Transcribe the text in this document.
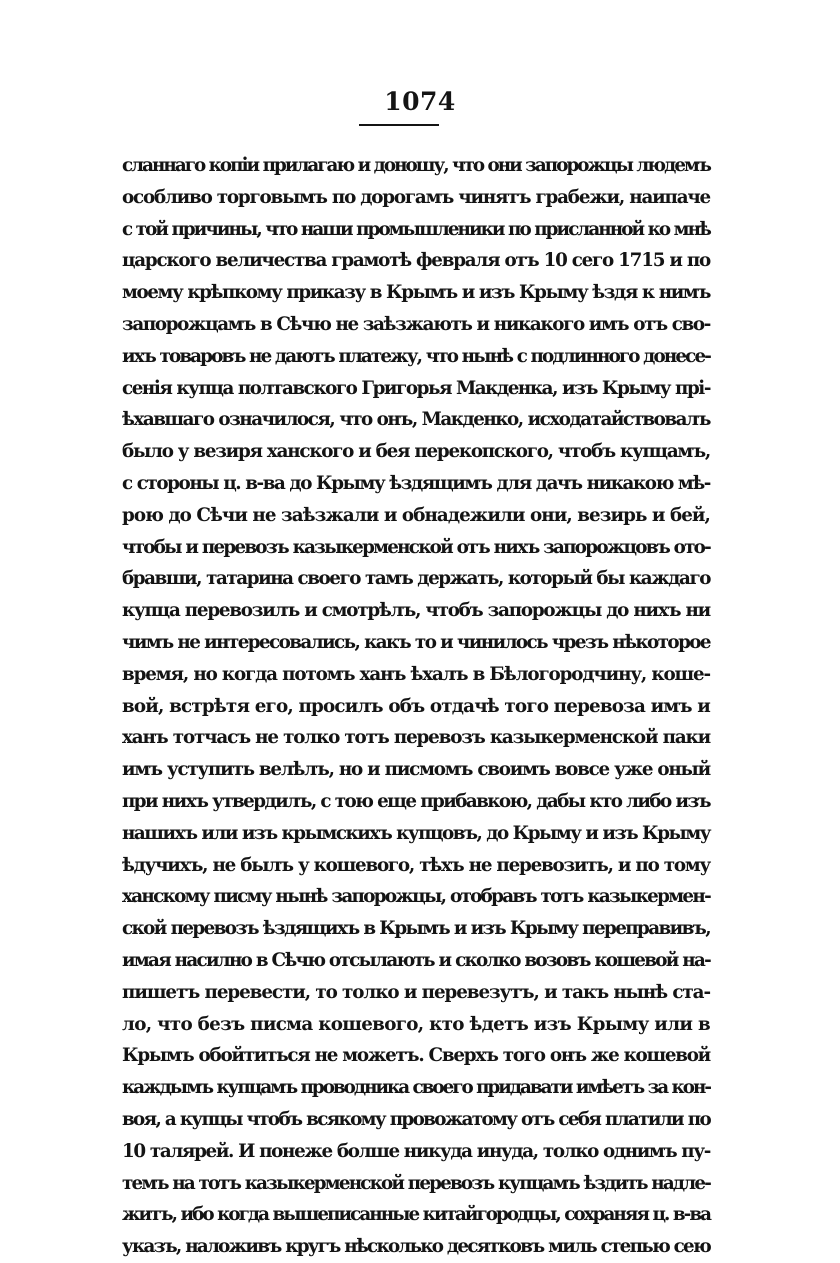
1074
сланнаго копіи прилагаю и доношу, что они запорожцы людемъ
особливо торговымъ по дорогамъ чинятъ грабежи, наипаче
с той причины, что наши промышленики по присланной ко мнѣ
царского величества грамотѣ февраля отъ 10 сего 1715 и по
моему крѣпкому приказу в Крымъ и изъ Крыму ѣздя к нимъ
запорожцамъ в Сѣчю не заѣзжають и никакого имъ отъ сво-
ихъ товаровъ не даютъ платежу, что нынѣ с подлинного донесе-
сенія купца полтавского Григорья Макденка, изъ Крыму прі-
ѣхавшаго означилося, что онъ, Макденко, исходатайствовалъ
было у везиря ханского и бея перекопского, чтобъ купцамъ,
с стороны ц. в-ва до Крыму ѣздящимъ для дачъ никакою мѣ-
рою до Сѣчи не заѣзжали и обнадежили они, везирь и бей,
чтобы и перевозъ казыкерменской отъ нихъ запорожцовъ ото-
бравши, татарина своего тамъ держать, который бы каждаго
купца перевозилъ и смотрѣлъ, чтобъ запорожцы до нихъ ни
чимъ не интересовались, какъ то и чинилось чрезъ нѣкоторое
время, но когда потомъ ханъ ѣхалъ в Бѣлогородчину, коше-
вой, встрѣтя его, просилъ объ отдачѣ того перевоза имъ и
ханъ тотчасъ не толко тотъ перевозъ казыкерменской паки
имъ уступить велѣлъ, но и писмомъ своимъ вовсе уже оный
при нихъ утвердилъ, с тою еще прибавкою, дабы кто либо изъ
нашихъ или изъ крымскихъ купцовъ, до Крыму и изъ Крыму
ѣдучихъ, не былъ у кошевого, тѣхъ не перевозить, и по тому
ханскому писму нынѣ запорожцы, отобравъ тотъ казыкермен-
ской перевозъ ѣздящихъ в Крымъ и изъ Крыму переправивъ,
имая насилно в Сѣчю отсылають и сколко возовъ кошевой на-
пишетъ перевести, то толко и перевезутъ, и такъ нынѣ ста-
ло, что безъ писма кошевого, кто ѣдетъ изъ Крыму или в
Крымъ обойтиться не можетъ. Сверхъ того онъ же кошевой
каждымъ купцамъ проводника своего придавати имѣетъ за кон-
воя, а купцы чтобъ всякому провожатому отъ себя платили по
10 талярей. И понеже болше никуда инуда, толко однимъ пу-
темъ на тотъ казыкерменской перевозъ купцамъ ѣздить надле-
житъ, ибо когда вышеписанные китайгородцы, сохраняя ц. в-ва
указъ, наложивъ кругъ нѣсколько десятковъ миль степью сею
